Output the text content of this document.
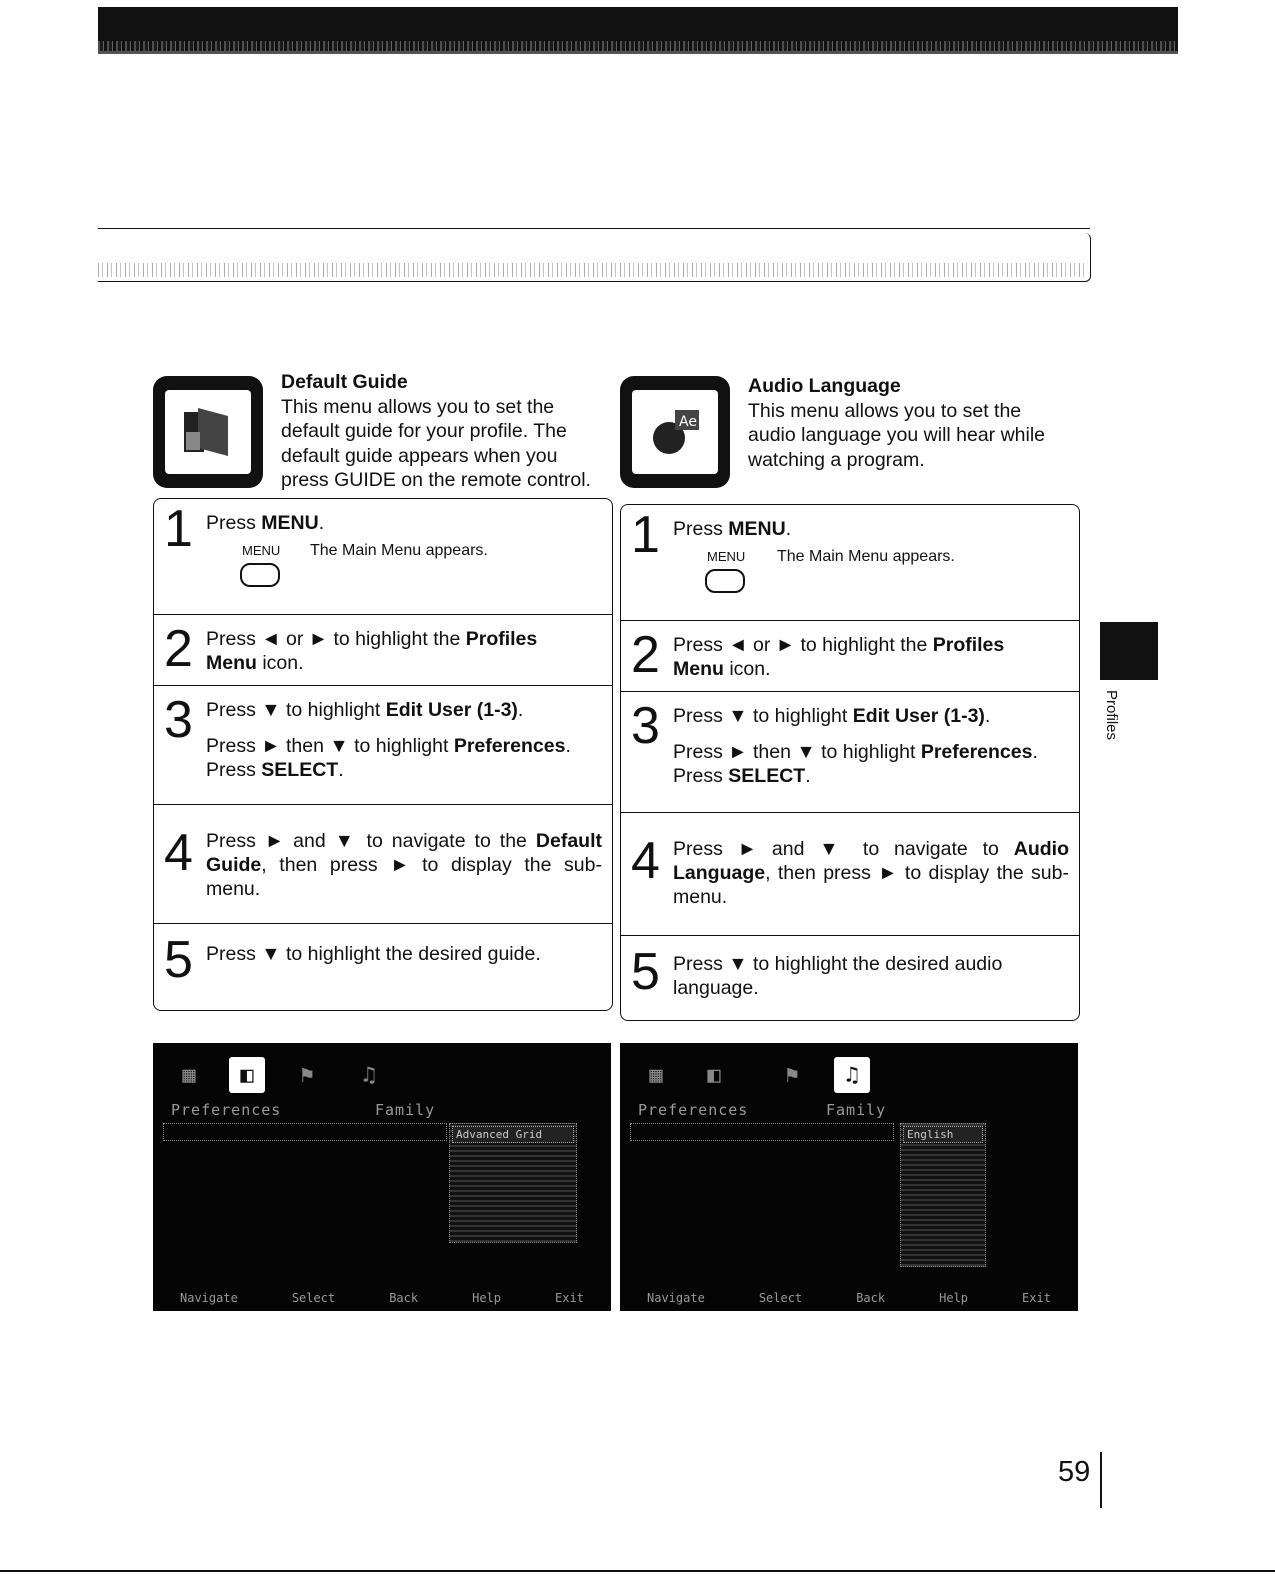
Default Guide
This menu allows you to set the
default guide for your profile. The
default guide appears when you
press GUIDE on the remote control.
1 Press MENU.
MENU The Main Menu appears.
2 Press ◄ or ► to highlight the Profiles
Menu icon.
3 Press ▼ to highlight Edit User (1-3).

Press ► then ▼ to highlight Preferences.
Press SELECT.
4 Press ► and ▼ to navigate to the Default Guide, then press ► to display the sub-menu.
5 Press ▼ to highlight the desired guide.
▦	◧	⚑	♫
Preferences	Family
Advanced Grid
Navigate	Select	Back	Help	Exit
Ae
Audio Language
This menu allows you to set the
audio language you will hear while
watching a program.
1 Press MENU.
MENU The Main Menu appears.
2 Press ◄ or ► to highlight the Profiles
Menu icon.
3 Press ▼ to highlight Edit User (1-3).

Press ► then ▼ to highlight Preferences.
Press SELECT.
4 Press ► and ▼ to navigate to Audio Language, then press ► to display the sub-menu.
5 Press ▼ to highlight the desired audio
language.
▦	◧	⚑	♫
Preferences	Family
English
Navigate	Select	Back	Help	Exit
Profiles
59
